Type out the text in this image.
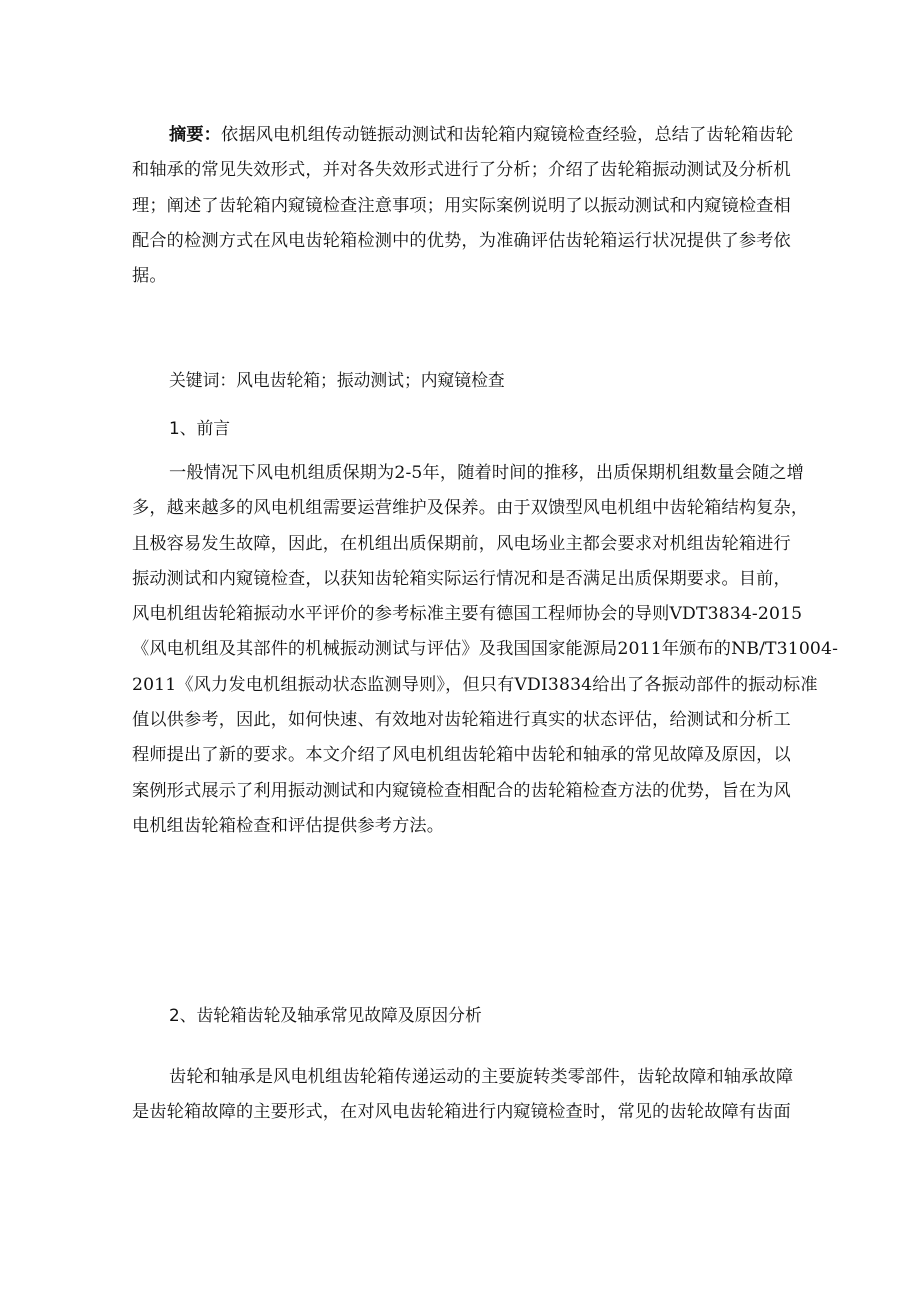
摘要：依据风电机组传动链振动测试和齿轮箱内窥镜检查经验，总结了齿轮箱齿轮
和轴承的常见失效形式，并对各失效形式进行了分析；介绍了齿轮箱振动测试及分析机
理；阐述了齿轮箱内窥镜检查注意事项；用实际案例说明了以振动测试和内窥镜检查相
配合的检测方式在风电齿轮箱检测中的优势，为准确评估齿轮箱运行状况提供了参考依
据。
关键词：风电齿轮箱；振动测试；内窥镜检查
1、前言
一般情况下风电机组质保期为2-5年，随着时间的推移，出质保期机组数量会随之增
多，越来越多的风电机组需要运营维护及保养。由于双馈型风电机组中齿轮箱结构复杂，
且极容易发生故障，因此，在机组出质保期前，风电场业主都会要求对机组齿轮箱进行
振动测试和内窥镜检查，以获知齿轮箱实际运行情况和是否满足出质保期要求。目前，
风电机组齿轮箱振动水平评价的参考标准主要有德国工程师协会的导则VDT3834-2015
《风电机组及其部件的机械振动测试与评估》及我国国家能源局2011年颁布的NB/T31004-
2011《风力发电机组振动状态监测导则》，但只有VDI3834给出了各振动部件的振动标准
值以供参考，因此，如何快速、有效地对齿轮箱进行真实的状态评估，给测试和分析工
程师提出了新的要求。本文介绍了风电机组齿轮箱中齿轮和轴承的常见故障及原因，以
案例形式展示了利用振动测试和内窥镜检查相配合的齿轮箱检查方法的优势，旨在为风
电机组齿轮箱检查和评估提供参考方法。
2、齿轮箱齿轮及轴承常见故障及原因分析
齿轮和轴承是风电机组齿轮箱传递运动的主要旋转类零部件，齿轮故障和轴承故障
是齿轮箱故障的主要形式，在对风电齿轮箱进行内窥镜检查时，常见的齿轮故障有齿面
